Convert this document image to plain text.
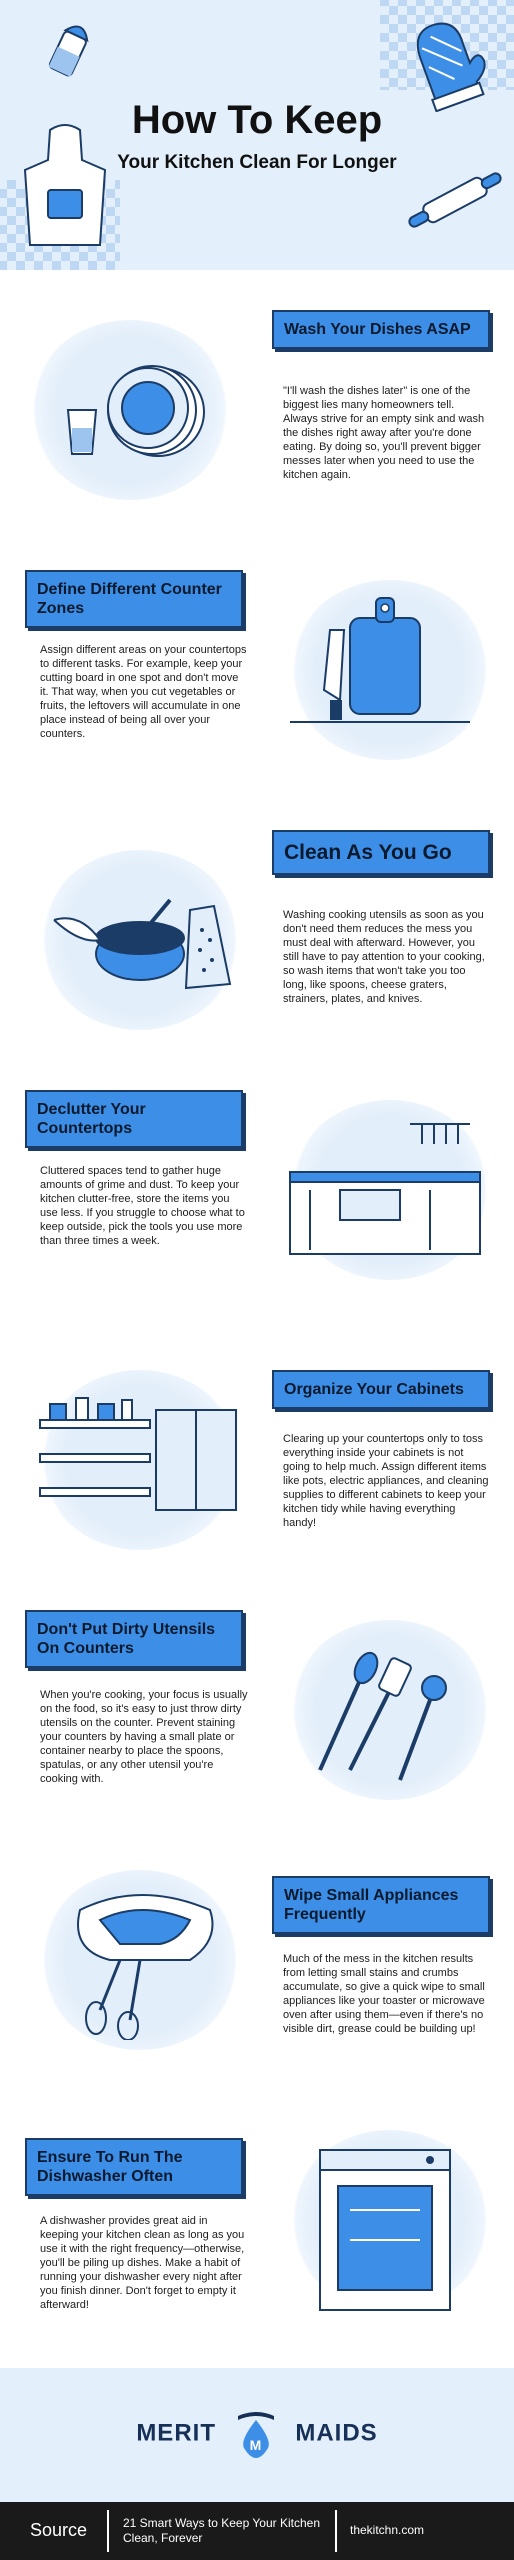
How To Keep
Your Kitchen Clean For Longer
Wash Your Dishes ASAP
"I'll wash the dishes later" is one of the biggest lies many homeowners tell. Always strive for an empty sink and wash the dishes right away after you're done eating. By doing so, you'll prevent bigger messes later when you need to use the kitchen again.
Define Different Counter Zones
Assign different areas on your countertops to different tasks. For example, keep your cutting board in one spot and don't move it. That way, when you cut vegetables or fruits, the leftovers will accumulate in one place instead of being all over your counters.
Clean As You Go
Washing cooking utensils as soon as you don't need them reduces the mess you must deal with afterward. However, you still have to pay attention to your cooking, so wash items that won't take you too long, like spoons, cheese graters, strainers, plates, and knives.
Declutter Your Countertops
Cluttered spaces tend to gather huge amounts of grime and dust. To keep your kitchen clutter-free, store the items you use less. If you struggle to choose what to keep outside, pick the tools you use more than three times a week.
Organize Your Cabinets
Clearing up your countertops only to toss everything inside your cabinets is not going to help much. Assign different items like pots, electric appliances, and cleaning supplies to different cabinets to keep your kitchen tidy while having everything handy!
Don't Put Dirty Utensils On Counters
When you're cooking, your focus is usually on the food, so it's easy to just throw dirty utensils on the counter. Prevent staining your counters by having a small plate or container nearby to place the spoons, spatulas, or any other utensil you're cooking with.
Wipe Small Appliances Frequently
Much of the mess in the kitchen results from letting small stains and crumbs accumulate, so give a quick wipe to small appliances like your toaster or microwave oven after using them—even if there's no visible dirt, grease could be building up!
Ensure To Run The Dishwasher Often
A dishwasher provides great aid in keeping your kitchen clean as long as you use it with the right frequency—otherwise, you'll be piling up dishes. Make a habit of running your dishwasher every night after you finish dinner. Don't forget to empty it afterward!
MERIT M MAIDS
Source	21 Smart Ways to Keep Your Kitchen Clean, Forever
thekitchn.com
